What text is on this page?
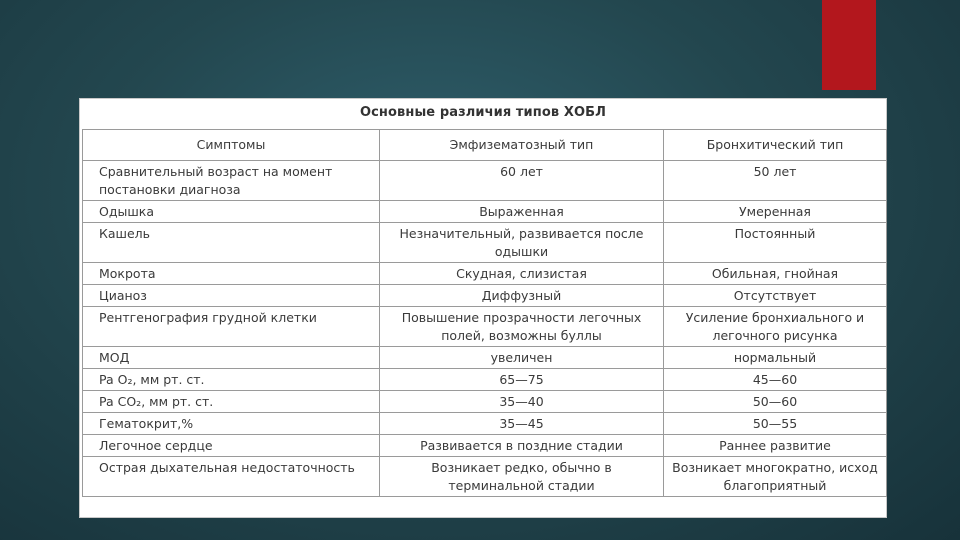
Основные различия типов ХОБЛ
Симптомы	Эмфизематозный тип	Бронхитический тип
Сравнительный возраст на момент постановки диагноза	60 лет	50 лет
Одышка	Выраженная	Умеренная
Кашель	Незначительный, развивается после одышки	Постоянный
Мокрота	Скудная, слизистая	Обильная, гнойная
Цианоз	Диффузный	Отсутствует
Рентгенография грудной клетки	Повышение прозрачности легочных полей, возможны буллы	Усиление бронхиального и легочного рисунка
МОД	увеличен	нормальный
Pa O₂, мм рт. ст.	65—75	45—60
Pa CO₂, мм рт. ст.	35—40	50—60
Гематокрит,%	35—45	50—55
Легочное сердце	Развивается в поздние стадии	Раннее развитие
Острая дыхательная недостаточность	Возникает редко, обычно в терминальной стадии	Возникает многократно, исход благоприятный
